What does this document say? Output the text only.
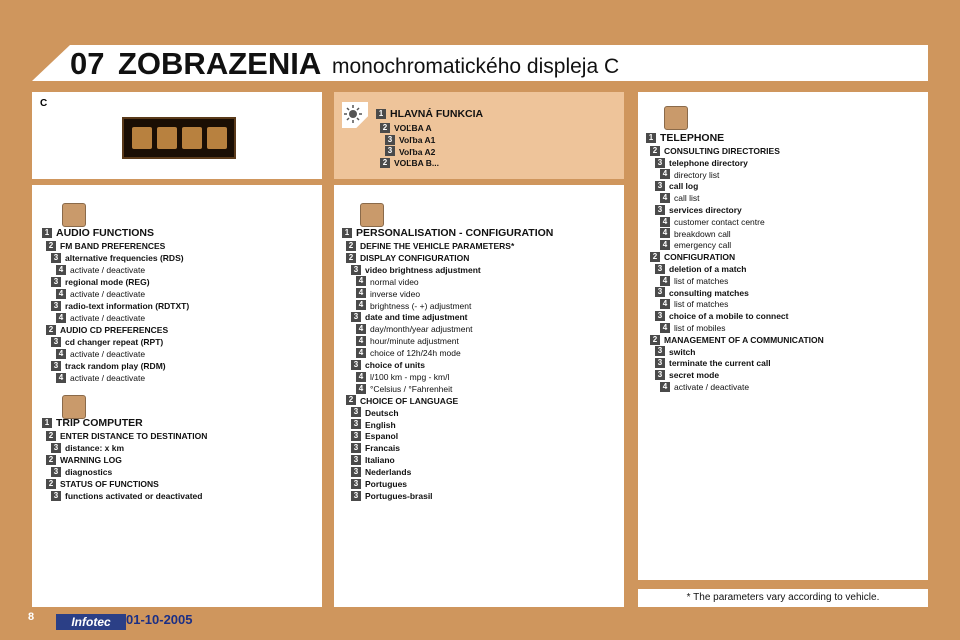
07 ZOBRAZENIA monochromatického displeja C
C
1 HLAVNÁ FUNKCIA
2 VOĽBA A
3 Voľba A1
3 Voľba A2
2 VOĽBA B...
1 AUDIO FUNCTIONS
2 FM BAND PREFERENCES
3 alternative frequencies (RDS)
4 activate / deactivate
3 regional mode (REG)
4 activate / deactivate
3 radio-text information (RDTXT)
4 activate / deactivate
2 AUDIO CD PREFERENCES
3 cd changer repeat (RPT)
4 activate / deactivate
3 track random play (RDM)
4 activate / deactivate
1 TRIP COMPUTER
2 ENTER DISTANCE TO DESTINATION
3 distance: x km
2 WARNING LOG
3 diagnostics
2 STATUS OF FUNCTIONS
3 functions activated or deactivated
1 PERSONALISATION - CONFIGURATION
2 DEFINE THE VEHICLE PARAMETERS*
2 DISPLAY CONFIGURATION
3 video brightness adjustment
4 normal video
4 inverse video
4 brightness (- +) adjustment
3 date and time adjustment
4 day/month/year adjustment
4 hour/minute adjustment
4 choice of 12h/24h mode
3 choice of units
4 l/100 km - mpg - km/l
4 °Celsius / °Fahrenheit
2 CHOICE OF LANGUAGE
3 Deutsch
3 English
3 Espanol
3 Francais
3 Italiano
3 Nederlands
3 Portugues
3 Portugues-brasil
1 TELEPHONE
2 CONSULTING DIRECTORIES
3 telephone directory
4 directory list
3 call log
4 call list
3 services directory
4 customer contact centre
4 breakdown call
4 emergency call
2 CONFIGURATION
3 deletion of a match
4 list of matches
3 consulting matches
4 list of matches
3 choice of a mobile to connect
4 list of mobiles
2 MANAGEMENT OF A COMMUNICATION
3 switch
3 terminate the current call
3 secret mode
4 activate / deactivate
* The parameters vary according to vehicle.
8	Infotec	01-10-2005
